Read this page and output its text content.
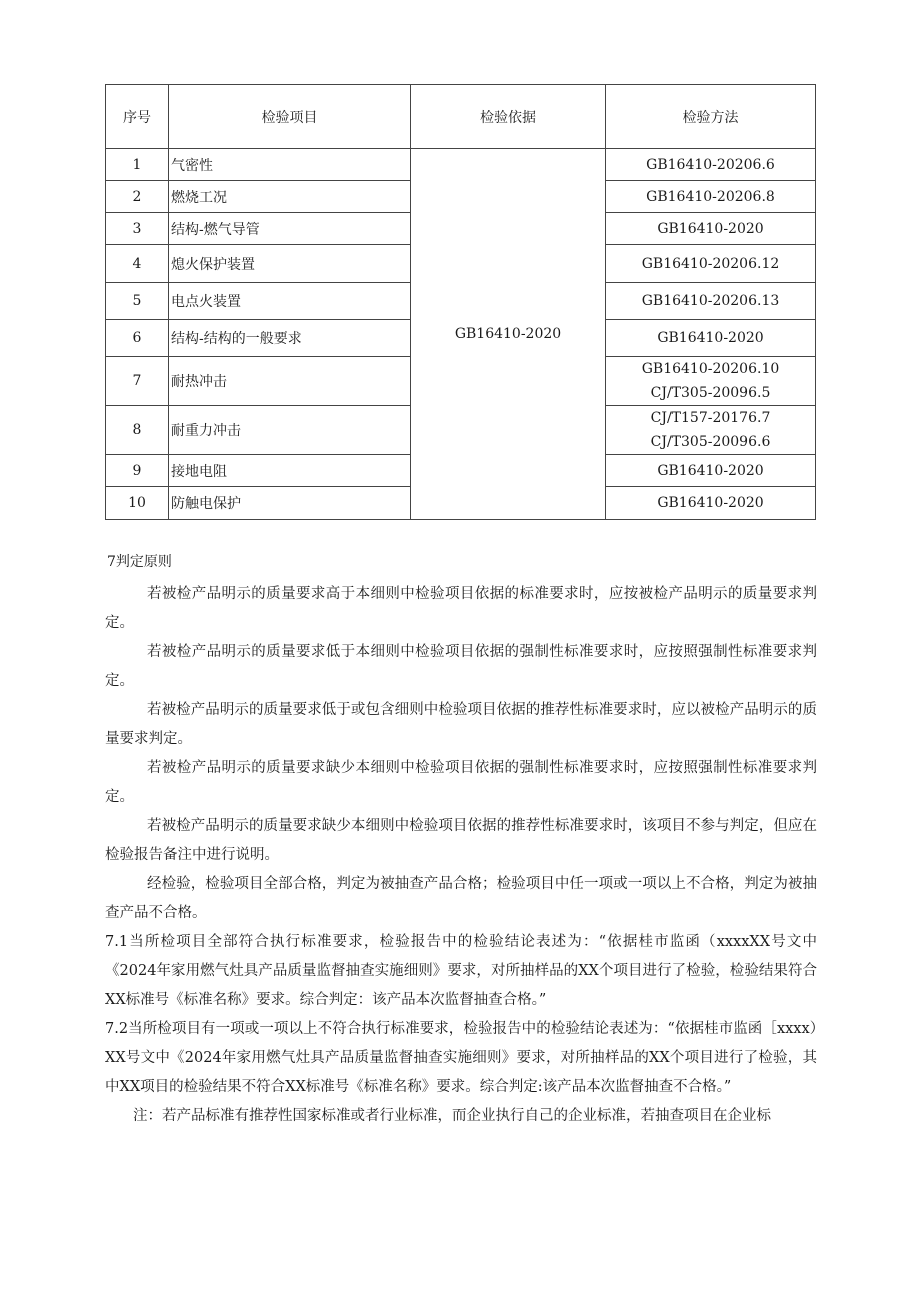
序号	检验项目	检验依据	检验方法
1	气密性	GB16410-2020	GB16410-20206.6
2	燃烧工况		GB16410-20206.8
3	结构-燃气导管		GB16410-2020
4	熄火保护装置		GB16410-20206.12
5	电点火装置		GB16410-20206.13
6	结构-结构的一般要求		GB16410-2020
7	耐热冲击		GB16410-20206.10
CJ/T305-20096.5

8	耐重力冲击		CJ/T157-20176.7
CJ/T305-20096.6

9	接地电阻		GB16410-2020
10	防触电保护		GB16410-2020
7判定原则

若被检产品明示的质量要求高于本细则中检验项目依据的标准要求时，应按被检产品明示的质量要求判定。

若被检产品明示的质量要求低于本细则中检验项目依据的强制性标准要求时，应按照强制性标准要求判定。

若被检产品明示的质量要求低于或包含细则中检验项目依据的推荐性标准要求时，应以被检产品明示的质量要求判定。

若被检产品明示的质量要求缺少本细则中检验项目依据的强制性标准要求时，应按照强制性标准要求判定。

若被检产品明示的质量要求缺少本细则中检验项目依据的推荐性标准要求时，该项目不参与判定，但应在检验报告备注中进行说明。

经检验，检验项目全部合格，判定为被抽查产品合格；检验项目中任一项或一项以上不合格，判定为被抽查产品不合格。

7.1当所检项目全部符合执行标准要求，检验报告中的检验结论表述为：“依据桂市监函（xxxxXX号文中《2024年家用燃气灶具产品质量监督抽查实施细则》要求，对所抽样品的XX个项目进行了检验，检验结果符合XX标准号《标准名称》要求。综合判定：该产品本次监督抽查合格。”

7.2当所检项目有一项或一项以上不符合执行标准要求，检验报告中的检验结论表述为：“依据桂市监函［xxxx）XX号文中《2024年家用燃气灶具产品质量监督抽查实施细则》要求，对所抽样品的XX个项目进行了检验，其中XX项目的检验结果不符合XX标准号《标准名称》要求。综合判定:该产品本次监督抽查不合格。”

注：若产品标准有推荐性国家标准或者行业标准，而企业执行自己的企业标准，若抽查项目在企业标
